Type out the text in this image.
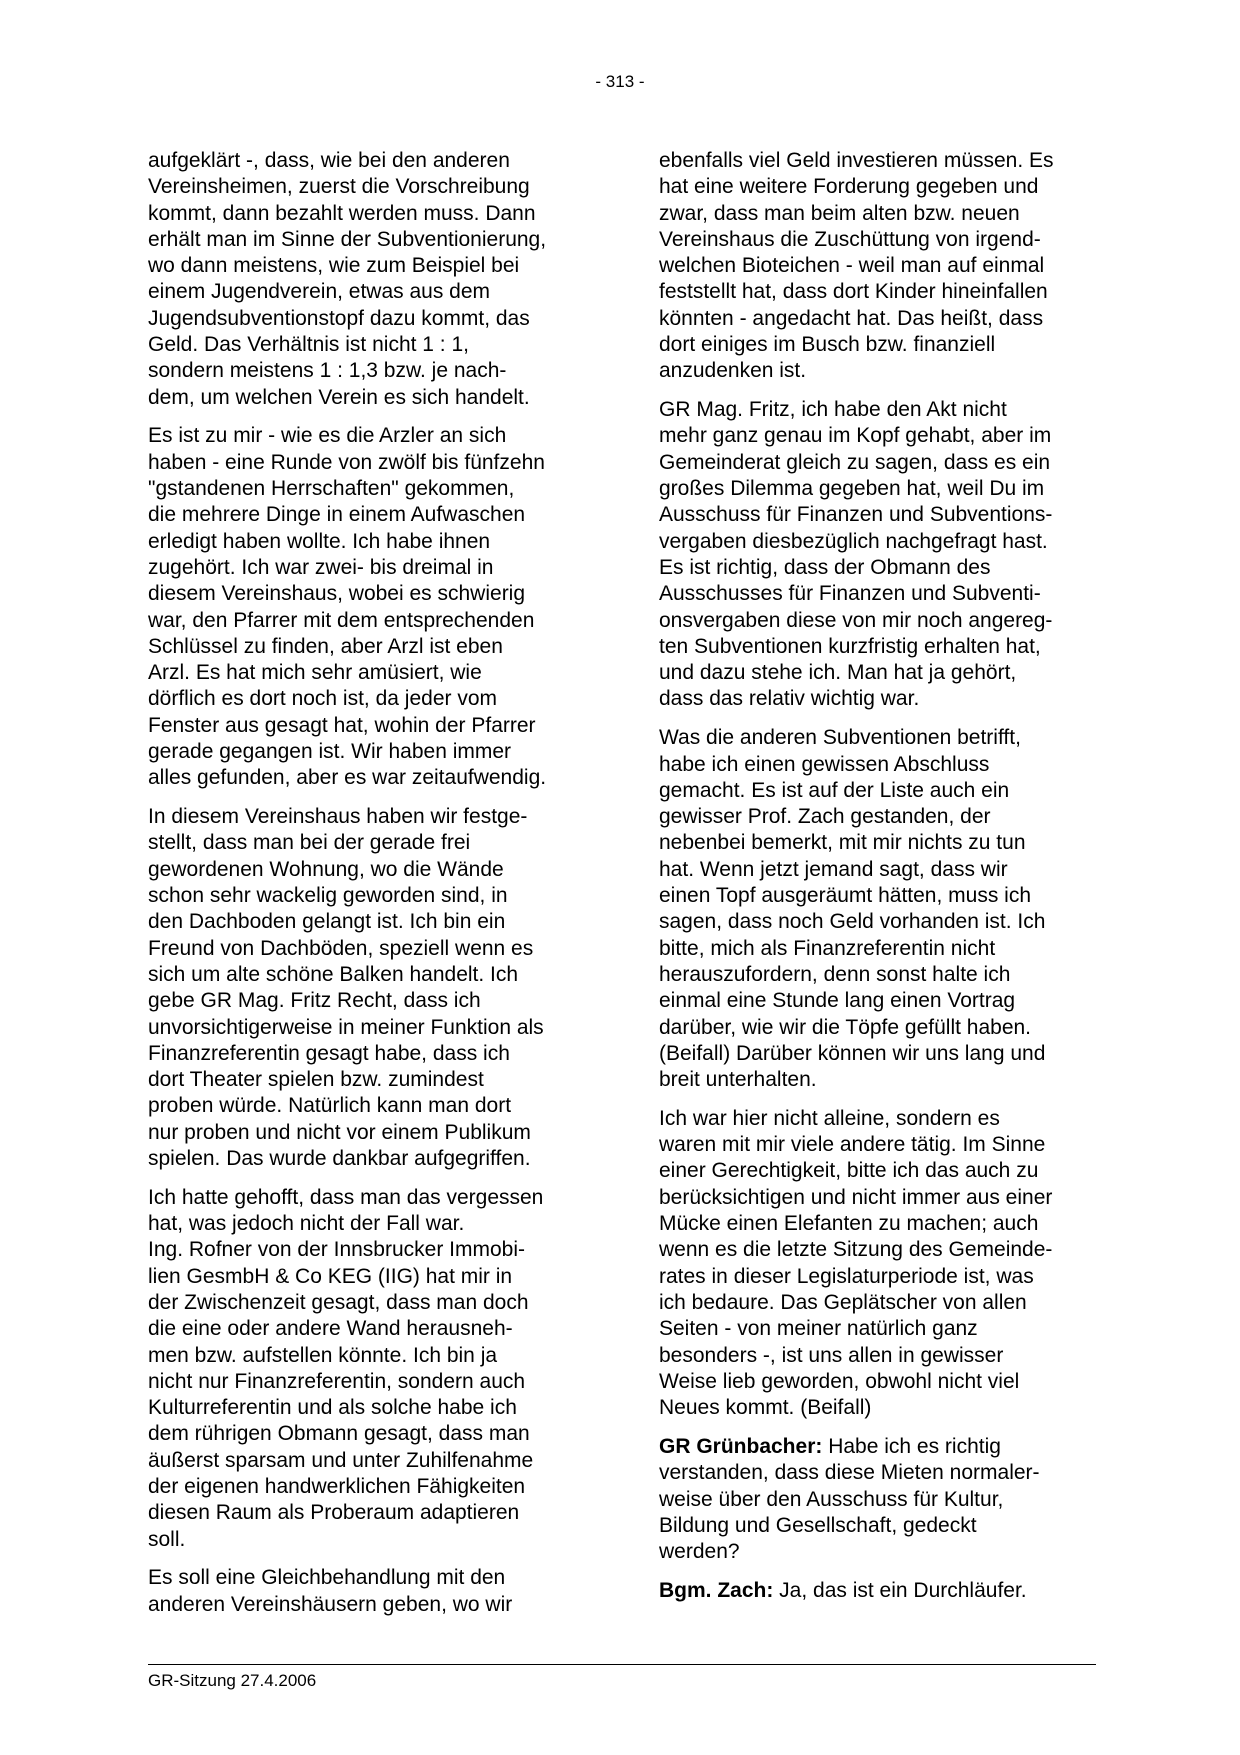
- 313 -

aufgeklärt -, dass, wie bei den anderen
Vereinsheimen, zuerst die Vorschreibung
kommt, dann bezahlt werden muss. Dann
erhält man im Sinne der Subventionierung,
wo dann meistens, wie zum Beispiel bei
einem Jugendverein, etwas aus dem
Jugendsubventionstopf dazu kommt, das
Geld. Das Verhältnis ist nicht 1 : 1,
sondern meistens 1 : 1,3 bzw. je nach-
dem, um welchen Verein es sich handelt.

Es ist zu mir - wie es die Arzler an sich
haben - eine Runde von zwölf bis fünfzehn
"gstandenen Herrschaften" gekommen,
die mehrere Dinge in einem Aufwaschen
erledigt haben wollte. Ich habe ihnen
zugehört. Ich war zwei- bis dreimal in
diesem Vereinshaus, wobei es schwierig
war, den Pfarrer mit dem entsprechenden
Schlüssel zu finden, aber Arzl ist eben
Arzl. Es hat mich sehr amüsiert, wie
dörflich es dort noch ist, da jeder vom
Fenster aus gesagt hat, wohin der Pfarrer
gerade gegangen ist. Wir haben immer
alles gefunden, aber es war zeitaufwendig.

In diesem Vereinshaus haben wir festge-
stellt, dass man bei der gerade frei
gewordenen Wohnung, wo die Wände
schon sehr wackelig geworden sind, in
den Dachboden gelangt ist. Ich bin ein
Freund von Dachböden, speziell wenn es
sich um alte schöne Balken handelt. Ich
gebe GR Mag. Fritz Recht, dass ich
unvorsichtigerweise in meiner Funktion als
Finanzreferentin gesagt habe, dass ich
dort Theater spielen bzw. zumindest
proben würde. Natürlich kann man dort
nur proben und nicht vor einem Publikum
spielen. Das wurde dankbar aufgegriffen.

Ich hatte gehofft, dass man das vergessen
hat, was jedoch nicht der Fall war.
Ing. Rofner von der Innsbrucker Immobi-
lien GesmbH & Co KEG (IIG) hat mir in
der Zwischenzeit gesagt, dass man doch
die eine oder andere Wand herausneh-
men bzw. aufstellen könnte. Ich bin ja
nicht nur Finanzreferentin, sondern auch
Kulturreferentin und als solche habe ich
dem rührigen Obmann gesagt, dass man
äußerst sparsam und unter Zuhilfenahme
der eigenen handwerklichen Fähigkeiten
diesen Raum als Proberaum adaptieren
soll.

Es soll eine Gleichbehandlung mit den
anderen Vereinshäusern geben, wo wir

ebenfalls viel Geld investieren müssen. Es
hat eine weitere Forderung gegeben und
zwar, dass man beim alten bzw. neuen
Vereinshaus die Zuschüttung von irgend-
welchen Bioteichen - weil man auf einmal
feststellt hat, dass dort Kinder hineinfallen
könnten - angedacht hat. Das heißt, dass
dort einiges im Busch bzw. finanziell
anzudenken ist.

GR Mag. Fritz, ich habe den Akt nicht
mehr ganz genau im Kopf gehabt, aber im
Gemeinderat gleich zu sagen, dass es ein
großes Dilemma gegeben hat, weil Du im
Ausschuss für Finanzen und Subventions-
vergaben diesbezüglich nachgefragt hast.
Es ist richtig, dass der Obmann des
Ausschusses für Finanzen und Subventi-
onsvergaben diese von mir noch angereg-
ten Subventionen kurzfristig erhalten hat,
und dazu stehe ich. Man hat ja gehört,
dass das relativ wichtig war.

Was die anderen Subventionen betrifft,
habe ich einen gewissen Abschluss
gemacht. Es ist auf der Liste auch ein
gewisser Prof. Zach gestanden, der
nebenbei bemerkt, mit mir nichts zu tun
hat. Wenn jetzt jemand sagt, dass wir
einen Topf ausgeräumt hätten, muss ich
sagen, dass noch Geld vorhanden ist. Ich
bitte, mich als Finanzreferentin nicht
herauszufordern, denn sonst halte ich
einmal eine Stunde lang einen Vortrag
darüber, wie wir die Töpfe gefüllt haben.
(Beifall) Darüber können wir uns lang und
breit unterhalten.

Ich war hier nicht alleine, sondern es
waren mit mir viele andere tätig. Im Sinne
einer Gerechtigkeit, bitte ich das auch zu
berücksichtigen und nicht immer aus einer
Mücke einen Elefanten zu machen; auch
wenn es die letzte Sitzung des Gemeinde-
rates in dieser Legislaturperiode ist, was
ich bedaure. Das Geplätscher von allen
Seiten - von meiner natürlich ganz
besonders -, ist uns allen in gewisser
Weise lieb geworden, obwohl nicht viel
Neues kommt. (Beifall)

GR Grünbacher: Habe ich es richtig
verstanden, dass diese Mieten normaler-
weise über den Ausschuss für Kultur,
Bildung und Gesellschaft, gedeckt
werden?

Bgm. Zach: Ja, das ist ein Durchläufer.

GR-Sitzung 27.4.2006
